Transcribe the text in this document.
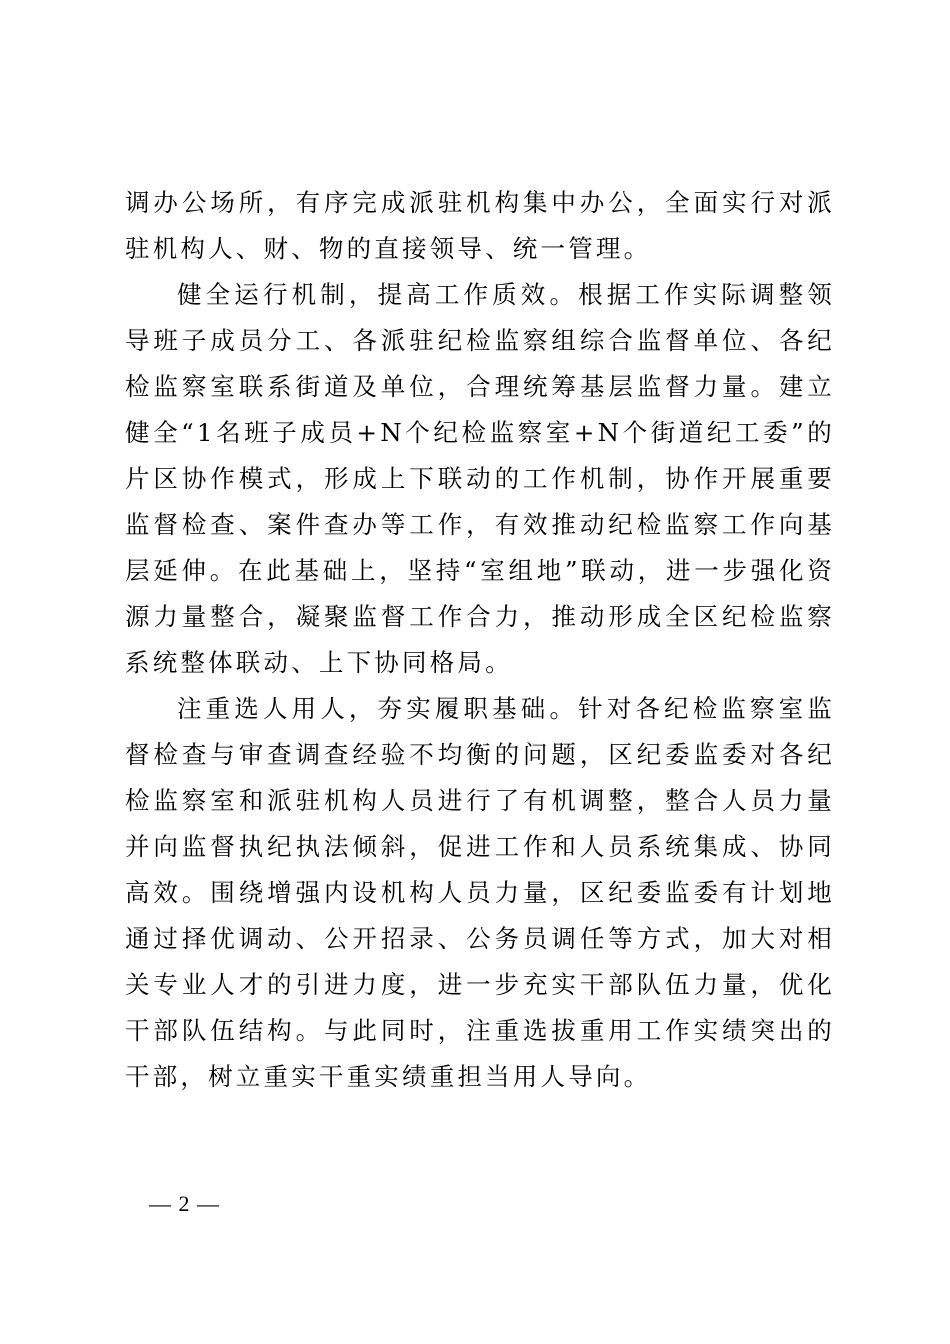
调办公场所，有序完成派驻机构集中办公，全面实行对派驻机构人、财、物的直接领导、统一管理。

健全运行机制，提高工作质效。根据工作实际调整领导班子成员分工、各派驻纪检监察组综合监督单位、各纪检监察室联系街道及单位，合理统筹基层监督力量。建立健全“1名班子成员+N个纪检监察室+N个街道纪工委”的片区协作模式，形成上下联动的工作机制，协作开展重要监督检查、案件查办等工作，有效推动纪检监察工作向基层延伸。在此基础上，坚持“室组地”联动，进一步强化资源力量整合，凝聚监督工作合力，推动形成全区纪检监察系统整体联动、上下协同格局。

注重选人用人，夯实履职基础。针对各纪检监察室监督检查与审查调查经验不均衡的问题，区纪委监委对各纪检监察室和派驻机构人员进行了有机调整，整合人员力量并向监督执纪执法倾斜，促进工作和人员系统集成、协同高效。围绕增强内设机构人员力量，区纪委监委有计划地通过择优调动、公开招录、公务员调任等方式，加大对相关专业人才的引进力度，进一步充实干部队伍力量，优化干部队伍结构。与此同时，注重选拔重用工作实绩突出的干部，树立重实干重实绩重担当用人导向。

— 2 —
